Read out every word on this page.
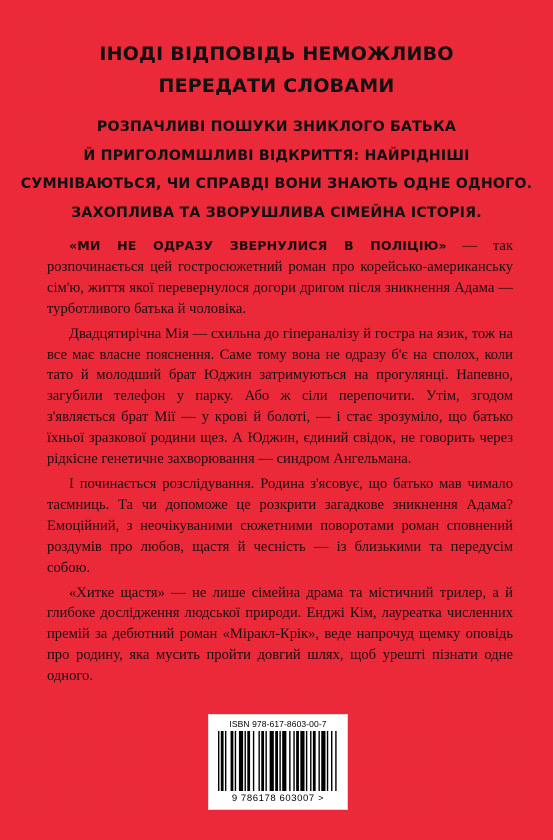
ІНОДІ ВІДПОВІДЬ НЕМОЖЛИВО
ПЕРЕДАТИ СЛОВАМИ
РОЗПАЧЛИВІ ПОШУКИ ЗНИКЛОГО БАТЬКА
Й ПРИГОЛОМШЛИВІ ВІДКРИТТЯ: НАЙРІДНІШІ
СУМНІВАЮТЬСЯ, ЧИ СПРАВДІ ВОНИ ЗНАЮТЬ ОДНЕ ОДНОГО.
ЗАХОПЛИВА ТА ЗВОРУШЛИВА СІМЕЙНА ІСТОРІЯ.

«МИ НЕ ОДРАЗУ ЗВЕРНУЛИСЯ В ПОЛІЦІЮ» — так розпочинається цей гостросюжетний роман про корейсько-американську сім'ю, життя якої перевернулося догори дригом після зникнення Адама — турботливого батька й чоловіка.

Двадцятирічна Мія — схильна до гіпераналізу й гостра на язик, тож на все має власне пояснення. Саме тому вона не одразу б'є на сполох, коли тато й молодший брат Юджин затримуються на прогулянці. Напевно, загубили телефон у парку. Або ж сіли перепочити. Утім, згодом з'являється брат Мії — у крові й болоті, — і стає зрозуміло, що батько їхньої зразкової родини щез. А Юджин, єдиний свідок, не говорить через рідкісне генетичне захворювання — синдром Ангельмана.

І починається розслідування. Родина з'ясовує, що батько мав чимало таємниць. Та чи допоможе це розкрити загадкове зникнення Адама? Емоційний, з неочікуваними сюжетними поворотами роман сповнений роздумів про любов, щастя й чесність — із близькими та передусім собою.

«Хитке щастя» — не лише сімейна драма та містичний трилер, а й глибоке дослідження людської природи. Енджі Кім, лауреатка численних премій за дебютний роман «Міракл-Крік», веде напрочуд щемку оповідь про родину, яка мусить пройти довгий шлях, щоб урешті пізнати одне одного.

ISBN 978-617-8603-00-7
9 786178 603007 >
